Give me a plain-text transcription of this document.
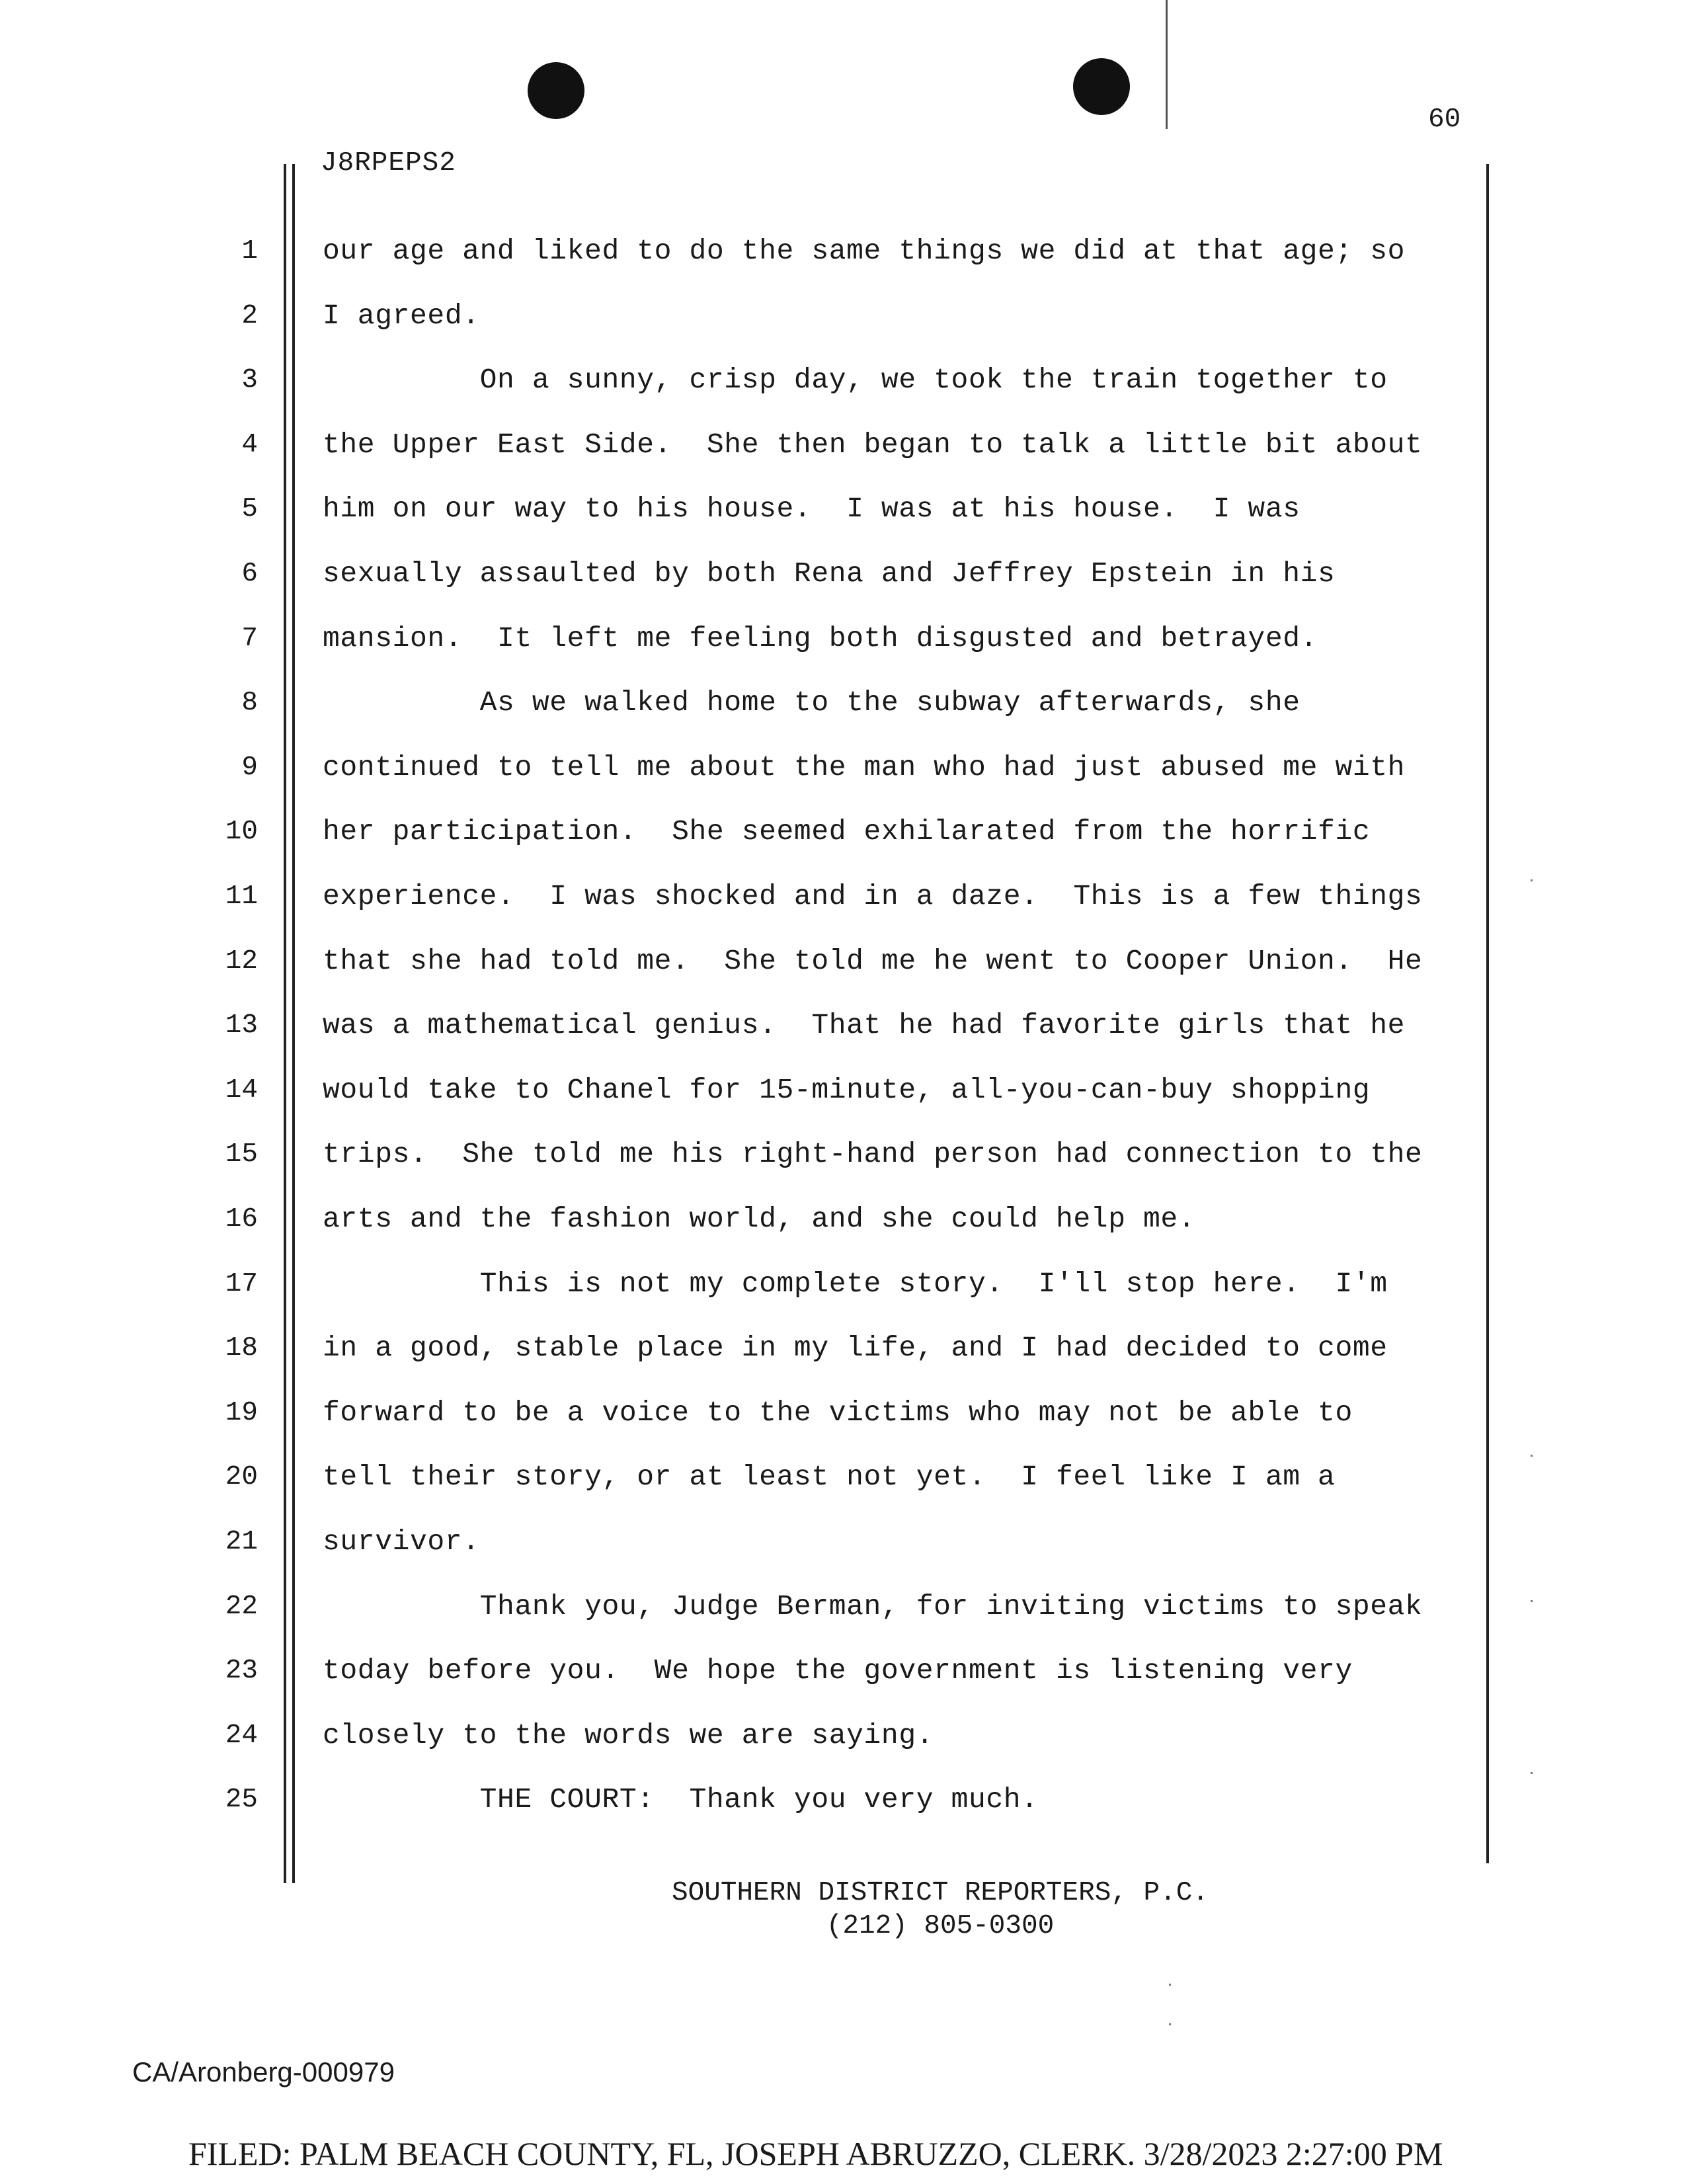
60
J8RPEPS2
1 our age and liked to do the same things we did at that age; so
2 I agreed.
3 On a sunny, crisp day, we took the train together to
4 the Upper East Side.  She then began to talk a little bit about
5 him on our way to his house.  I was at his house.  I was
6 sexually assaulted by both Rena and Jeffrey Epstein in his
7 mansion.  It left me feeling both disgusted and betrayed.
8 As we walked home to the subway afterwards, she
9 continued to tell me about the man who had just abused me with
10 her participation.  She seemed exhilarated from the horrific
11 experience.  I was shocked and in a daze.  This is a few things
12 that she had told me.  She told me he went to Cooper Union.  He
13 was a mathematical genius.  That he had favorite girls that he
14 would take to Chanel for 15-minute, all-you-can-buy shopping
15 trips.  She told me his right-hand person had connection to the
16 arts and the fashion world, and she could help me.
17 This is not my complete story.  I'll stop here.  I'm
18 in a good, stable place in my life, and I had decided to come
19 forward to be a voice to the victims who may not be able to
20 tell their story, or at least not yet.  I feel like I am a
21 survivor.
22 Thank you, Judge Berman, for inviting victims to speak
23 today before you.  We hope the government is listening very
24 closely to the words we are saying.
25 THE COURT:  Thank you very much.
SOUTHERN DISTRICT REPORTERS, P.C.
(212) 805-0300
CA/Aronberg-000979
FILED: PALM BEACH COUNTY, FL, JOSEPH ABRUZZO, CLERK. 3/28/2023 2:27:00 PM
